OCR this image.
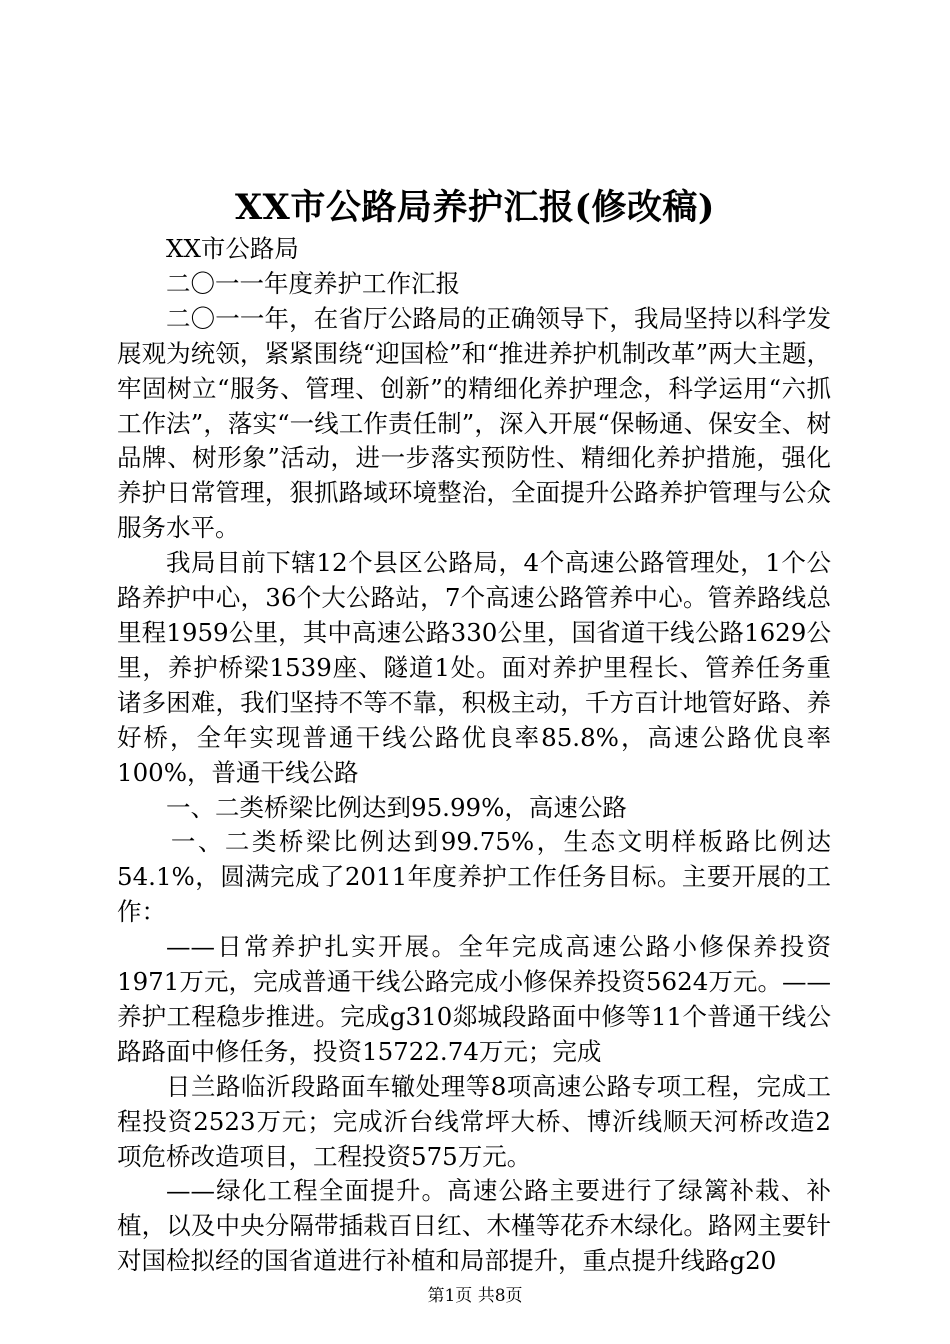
XX市公路局养护汇报(修改稿)

XX市公路局

二〇一一年度养护工作汇报

二〇一一年，在省厅公路局的正确领导下，我局坚持以科学发展观为统领，紧紧围绕“迎国检”和“推进养护机制改革”两大主题，牢固树立“服务、管理、创新”的精细化养护理念，科学运用“六抓工作法”，落实“一线工作责任制”，深入开展“保畅通、保安全、树品牌、树形象”活动，进一步落实预防性、精细化养护措施，强化养护日常管理，狠抓路域环境整治，全面提升公路养护管理与公众服务水平。

我局目前下辖12个县区公路局，4个高速公路管理处，1个公路养护中心，36个大公路站，7个高速公路管养中心。管养路线总里程1959公里，其中高速公路330公里，国省道干线公路1629公里，养护桥梁1539座、隧道1处。面对养护里程长、管养任务重诸多困难，我们坚持不等不靠，积极主动，千方百计地管好路、养好桥，全年实现普通干线公路优良率85.8%，高速公路优良率100%，普通干线公路

一、二类桥梁比例达到95.99%，高速公路

一、二类桥梁比例达到99.75%，生态文明样板路比例达54.1%，圆满完成了2011年度养护工作任务目标。主要开展的工作：

——日常养护扎实开展。全年完成高速公路小修保养投资1971万元，完成普通干线公路完成小修保养投资5624万元。——养护工程稳步推进。完成g310郯城段路面中修等11个普通干线公路路面中修任务，投资15722.74万元；完成

日兰路临沂段路面车辙处理等8项高速公路专项工程，完成工程投资2523万元；完成沂台线常坪大桥、博沂线顺天河桥改造2项危桥改造项目，工程投资575万元。

——绿化工程全面提升。高速公路主要进行了绿篱补栽、补植，以及中央分隔带插栽百日红、木槿等花乔木绿化。路网主要针对国检拟经的国省道进行补植和局部提升，重点提升线路g20

第1页 共8页
